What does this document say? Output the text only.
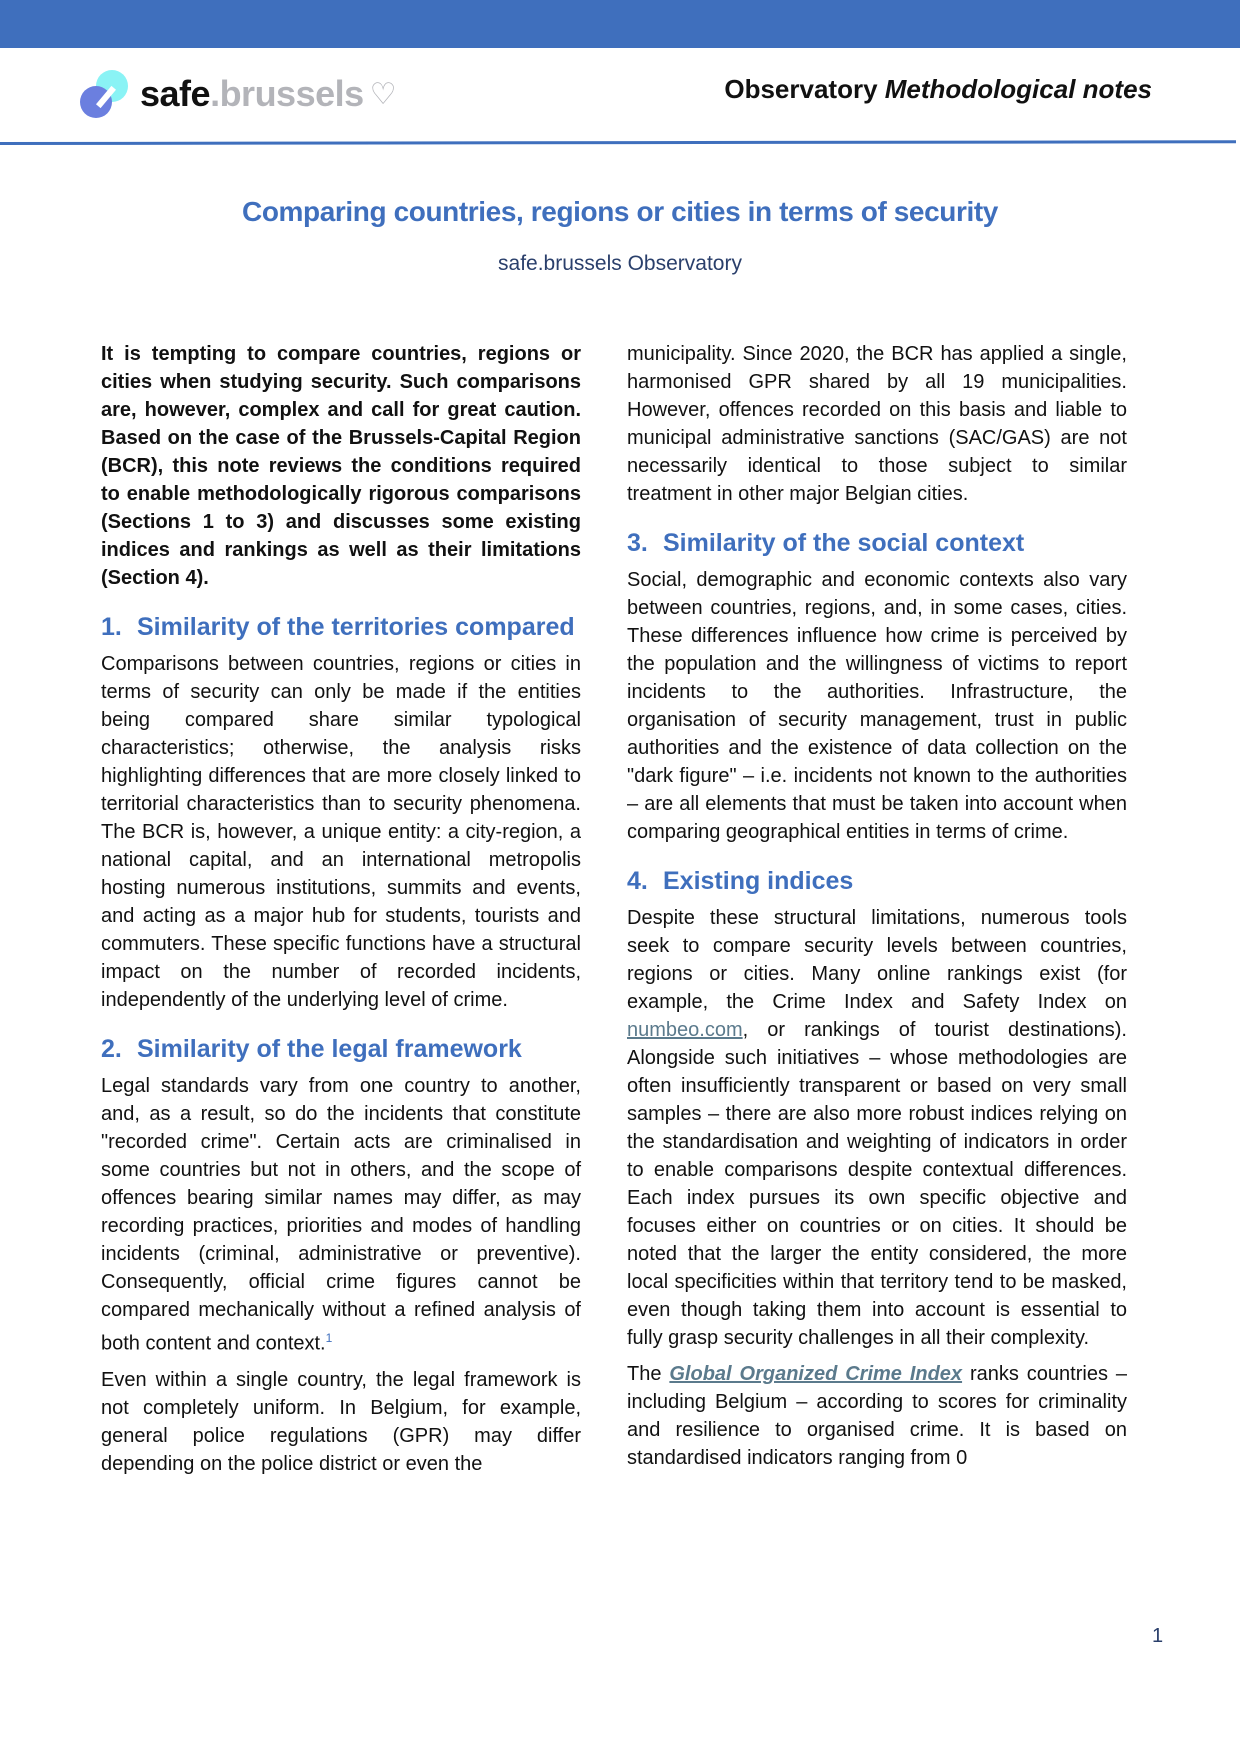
safe.brussels ♡	Observatory Methodological notes
Comparing countries, regions or cities in terms of security
safe.brussels Observatory

It is tempting to compare countries, regions or cities when studying security. Such comparisons are, however, complex and call for great caution. Based on the case of the Brussels-Capital Region (BCR), this note reviews the conditions required to enable methodologically rigorous comparisons (Sections 1 to 3) and discusses some existing indices and rankings as well as their limitations (Section 4).

1. Similarity of the territories compared

Comparisons between countries, regions or cities in terms of security can only be made if the entities being compared share similar typological characteristics; otherwise, the analysis risks highlighting differences that are more closely linked to territorial characteristics than to security phenomena. The BCR is, however, a unique entity: a city-region, a national capital, and an international metropolis hosting numerous institutions, summits and events, and acting as a major hub for students, tourists and commuters. These specific functions have a structural impact on the number of recorded incidents, independently of the underlying level of crime.

2. Similarity of the legal framework

Legal standards vary from one country to another, and, as a result, so do the incidents that constitute "recorded crime". Certain acts are criminalised in some countries but not in others, and the scope of offences bearing similar names may differ, as may recording practices, priorities and modes of handling incidents (criminal, administrative or preventive). Consequently, official crime figures cannot be compared mechanically without a refined analysis of both content and context.$^1$

Even within a single country, the legal framework is not completely uniform. In Belgium, for example, general police regulations (GPR) may differ depending on the police district or even the

municipality. Since 2020, the BCR has applied a single, harmonised GPR shared by all 19 municipalities. However, offences recorded on this basis and liable to municipal administrative sanctions (SAC/GAS) are not necessarily identical to those subject to similar treatment in other major Belgian cities.

3. Similarity of the social context

Social, demographic and economic contexts also vary between countries, regions, and, in some cases, cities. These differences influence how crime is perceived by the population and the willingness of victims to report incidents to the authorities. Infrastructure, the organisation of security management, trust in public authorities and the existence of data collection on the "dark figure" – i.e. incidents not known to the authorities – are all elements that must be taken into account when comparing geographical entities in terms of crime.

4. Existing indices

Despite these structural limitations, numerous tools seek to compare security levels between countries, regions or cities. Many online rankings exist (for example, the Crime Index and Safety Index on numbeo.com, or rankings of tourist destinations). Alongside such initiatives – whose methodologies are often insufficiently transparent or based on very small samples – there are also more robust indices relying on the standardisation and weighting of indicators in order to enable comparisons despite contextual differences. Each index pursues its own specific objective and focuses either on countries or on cities. It should be noted that the larger the entity considered, the more local specificities within that territory tend to be masked, even though taking them into account is essential to fully grasp security challenges in all their complexity.

The Global Organized Crime Index ranks countries – including Belgium – according to scores for criminality and resilience to organised crime. It is based on standardised indicators ranging from 0

1
